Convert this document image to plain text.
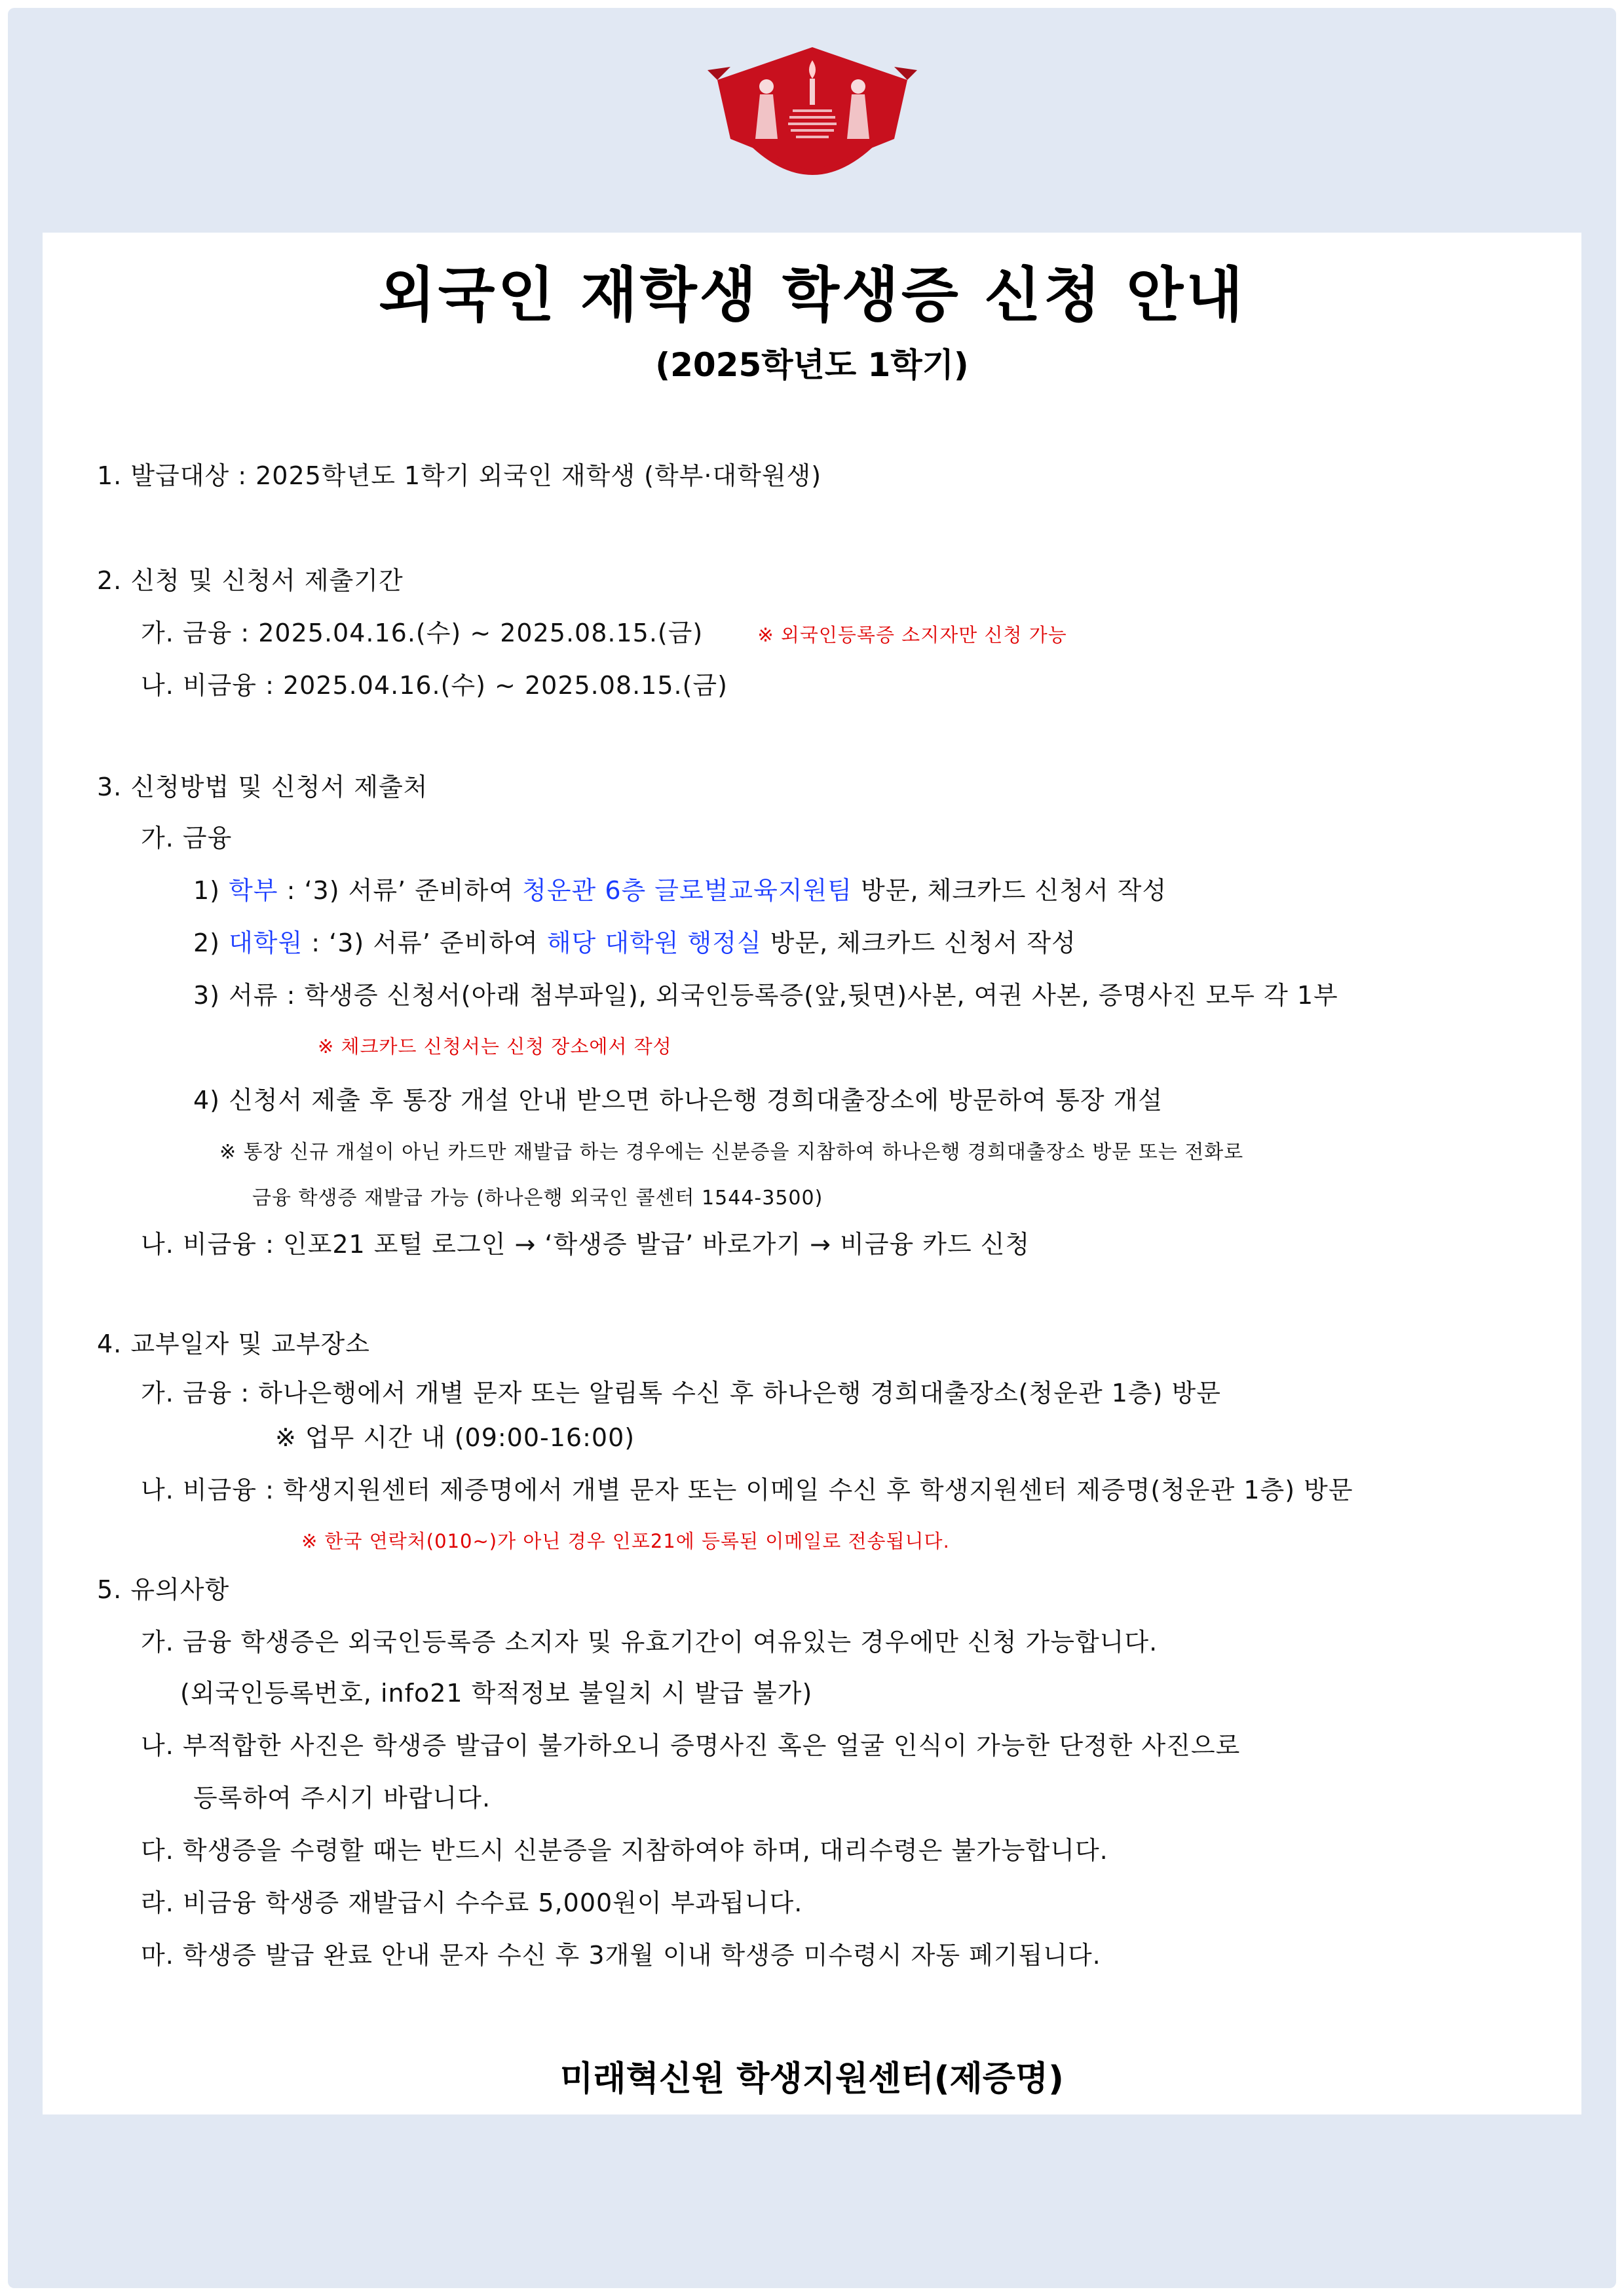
외국인 재학생 학생증 신청 안내
(2025학년도 1학기)
1. 발급대상 : 2025학년도 1학기 외국인 재학생 (학부·대학원생)
2. 신청 및 신청서 제출기간
가. 금융 : 2025.04.16.(수) ~ 2025.08.15.(금)	※ 외국인등록증 소지자만 신청 가능
나. 비금융 : 2025.04.16.(수) ~ 2025.08.15.(금)
3. 신청방법 및 신청서 제출처
가. 금융
1) 학부 : ‘3) 서류’ 준비하여 청운관 6층 글로벌교육지원팀 방문, 체크카드 신청서 작성
2) 대학원 : ‘3) 서류’ 준비하여 해당 대학원 행정실 방문, 체크카드 신청서 작성
3) 서류 : 학생증 신청서(아래 첨부파일), 외국인등록증(앞,뒷면)사본, 여권 사본, 증명사진 모두 각 1부
※ 체크카드 신청서는 신청 장소에서 작성
4) 신청서 제출 후 통장 개설 안내 받으면 하나은행 경희대출장소에 방문하여 통장 개설
※ 통장 신규 개설이 아닌 카드만 재발급 하는 경우에는 신분증을 지참하여 하나은행 경희대출장소 방문 또는 전화로
금융 학생증 재발급 가능 (하나은행 외국인 콜센터 1544-3500)
나. 비금융 : 인포21 포털 로그인 → ‘학생증 발급’ 바로가기 → 비금융 카드 신청
4. 교부일자 및 교부장소
가. 금융 : 하나은행에서 개별 문자 또는 알림톡 수신 후 하나은행 경희대출장소(청운관 1층) 방문
※ 업무 시간 내 (09:00-16:00)
나. 비금융 : 학생지원센터 제증명에서 개별 문자 또는 이메일 수신 후 학생지원센터 제증명(청운관 1층) 방문
※ 한국 연락처(010~)가 아닌 경우 인포21에 등록된 이메일로 전송됩니다.
5. 유의사항
가. 금융 학생증은 외국인등록증 소지자 및 유효기간이 여유있는 경우에만 신청 가능합니다.
(외국인등록번호, info21 학적정보 불일치 시 발급 불가)
나. 부적합한 사진은 학생증 발급이 불가하오니 증명사진 혹은 얼굴 인식이 가능한 단정한 사진으로
등록하여 주시기 바랍니다.
다. 학생증을 수령할 때는 반드시 신분증을 지참하여야 하며, 대리수령은 불가능합니다.
라. 비금융 학생증 재발급시 수수료 5,000원이 부과됩니다.
마. 학생증 발급 완료 안내 문자 수신 후 3개월 이내 학생증 미수령시 자동 폐기됩니다.
미래혁신원 학생지원센터(제증명)
